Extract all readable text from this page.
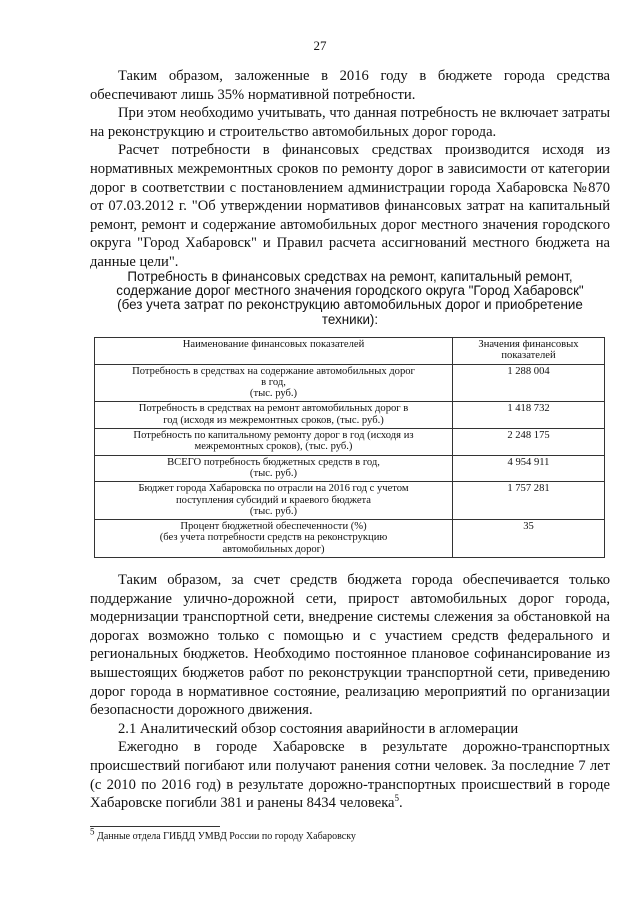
27

Таким образом, заложенные в 2016 году в бюджете города средства обеспечивают лишь 35% нормативной потребности.

При этом необходимо учитывать, что данная потребность не включает затраты на реконструкцию и строительство автомобильных дорог города.

Расчет потребности в финансовых средствах производится исходя из нормативных межремонтных сроков по ремонту дорог в зависимости от категории дорог в соответствии с постановлением администрации города Хабаровска №870 от 07.03.2012 г. "Об утверждении нормативов финансовых затрат на капитальный ремонт, ремонт и содержание автомобильных дорог местного значения городского округа "Город Хабаровск" и Правил расчета ассигнований местного бюджета на данные цели".

Потребность в финансовых средствах на ремонт, капитальный ремонт,
содержание дорог местного значения городского округа "Город Хабаровск"
(без учета затрат по реконструкцию автомобильных дорог и приобретение
техники):
Наименование финансовых показателей	Значения финансовых показателей

Потребность в средствах на содержание автомобильных дорог
в год,
(тыс. руб.)	1 288 004

Потребность в средствах на ремонт автомобильных дорог в
год (исходя из межремонтных сроков, (тыс. руб.)	1 418 732

Потребность по капитальному ремонту дорог в год (исходя из
межремонтных сроков), (тыс. руб.)	2 248 175

ВСЕГО потребность бюджетных средств в год,
(тыс. руб.)	4 954 911

Бюджет города Хабаровска по отрасли на 2016 год с учетом
поступления субсидий и краевого бюджета
(тыс. руб.)	1 757 281

Процент бюджетной обеспеченности (%)
(без учета потребности средств на реконструкцию
автомобильных дорог)	35

Таким образом, за счет средств бюджета города обеспечивается только поддержание улично-дорожной сети, прирост автомобильных дорог города, модернизации транспортной сети, внедрение системы слежения за обстановкой на дорогах возможно только с помощью и с участием средств федерального и региональных бюджетов. Необходимо постоянное плановое софинансирование из вышестоящих бюджетов работ по реконструкции транспортной сети, приведению дорог города в нормативное состояние, реализацию мероприятий по организации безопасности дорожного движения.

2.1 Аналитический обзор состояния аварийности в агломерации

Ежегодно в городе Хабаровске в результате дорожно-транспортных происшествий погибают или получают ранения сотни человек. За последние 7 лет (с 2010 по 2016 год) в результате дорожно-транспортных происшествий в городе Хабаровске погибли 381 и ранены 8434 человека$^5$.

$^5$ Данные отдела ГИБДД УМВД России по городу Хабаровску
